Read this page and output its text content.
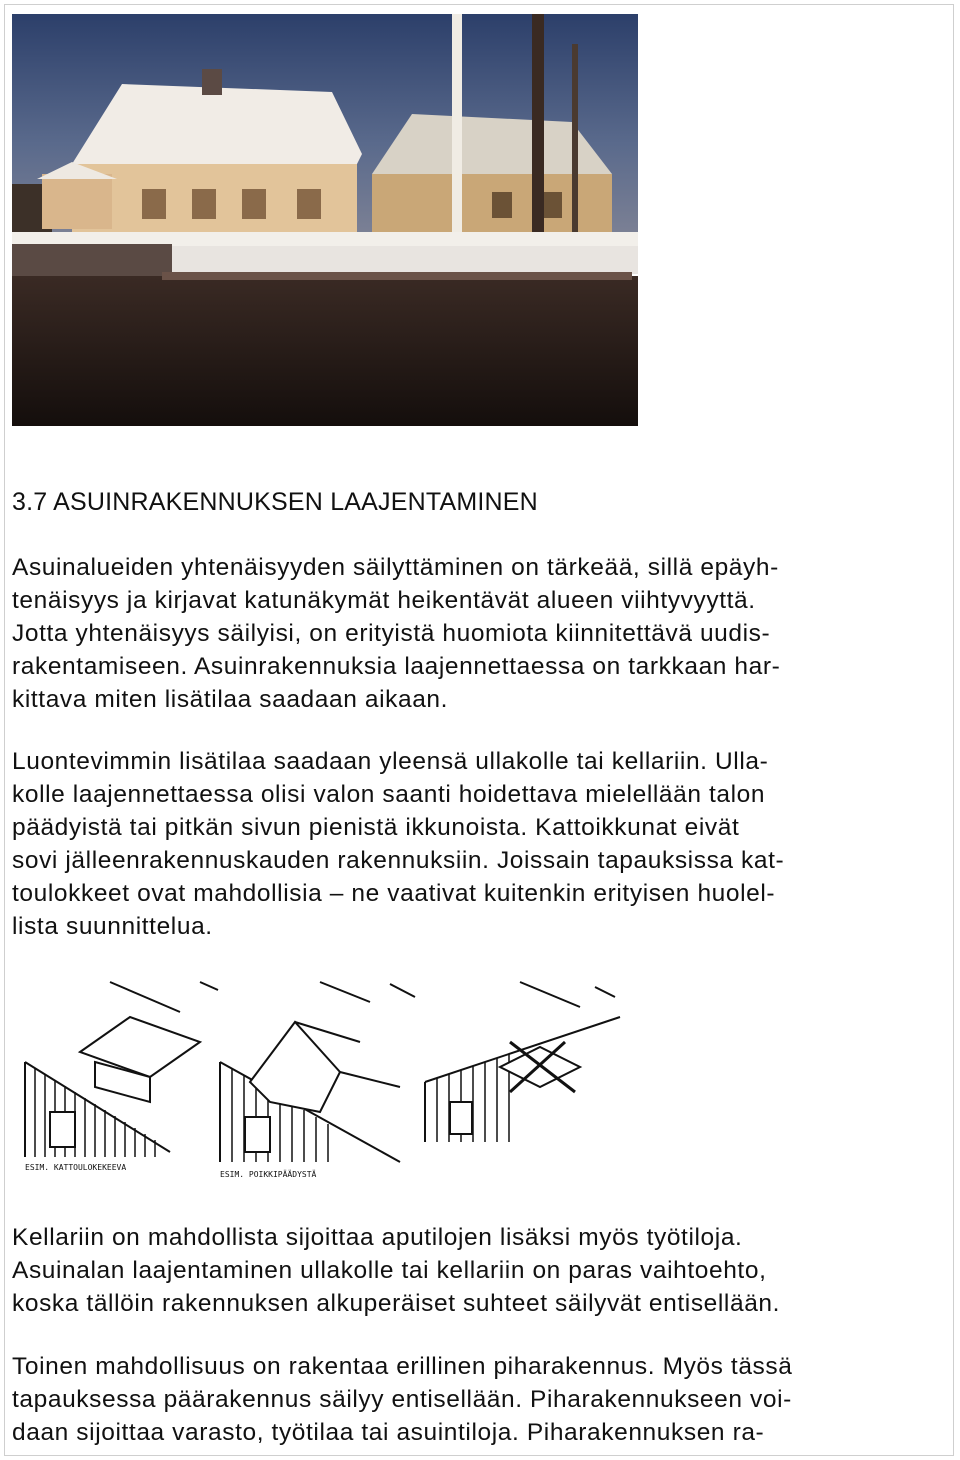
3.7 ASUINRAKENNUKSEN LAAJENTAMINEN

Asuinalueiden yhtenäisyyden säilyttäminen on tärkeää, sillä epäyh-
tenäisyys ja kirjavat katunäkymät heikentävät alueen viihtyvyyttä.
Jotta yhtenäisyys säilyisi, on erityistä huomiota kiinnitettävä uudis-
rakentamiseen. Asuinrakennuksia laajennettaessa on tarkkaan har-
kittava miten lisätilaa saadaan aikaan.

Luontevimmin lisätilaa saadaan yleensä ullakolle tai kellariin. Ulla-
kolle laajennettaessa olisi valon saanti hoidettava mielellään talon
päädyistä tai pitkän sivun pienistä ikkunoista. Kattoikkunat eivät
sovi jälleenrakennuskauden rakennuksiin. Joissain tapauksissa kat-
toulokkeet ovat mahdollisia – ne vaativat kuitenkin erityisen huolel-
lista suunnittelua.

ESIM. KATTOULOKEKEEVA
ESIM. POIKKIPÄÄDYSTÄ

Kellariin on mahdollista sijoittaa aputilojen lisäksi myös työtiloja.
Asuinalan laajentaminen ullakolle tai kellariin on paras vaihtoehto,
koska tällöin rakennuksen alkuperäiset suhteet säilyvät entisellään.

Toinen mahdollisuus on rakentaa erillinen piharakennus. Myös tässä
tapauksessa päärakennus säilyy entisellään. Piharakennukseen voi-
daan sijoittaa varasto, työtilaa tai asuintiloja. Piharakennuksen ra-
